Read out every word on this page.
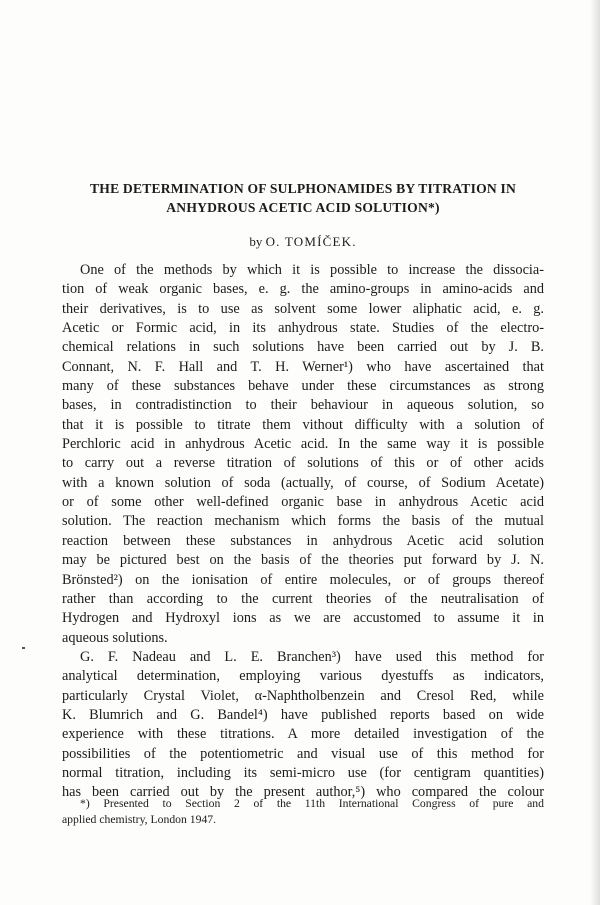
THE DETERMINATION OF SULPHONAMIDES BY TITRATION IN
ANHYDROUS ACETIC ACID SOLUTION*)

by O. TOMÍČEK.

One of the methods by which it is possible to increase the dissocia-
tion of weak organic bases, e. g. the amino-groups in amino-acids and
their derivatives, is to use as solvent some lower aliphatic acid, e. g.
Acetic or Formic acid, in its anhydrous state. Studies of the electro-
chemical relations in such solutions have been carried out by J. B.
Connant, N. F. Hall and T. H. Werner¹) who have ascertained that
many of these substances behave under these circumstances as strong
bases, in contradistinction to their behaviour in aqueous solution, so
that it is possible to titrate them vithout difficulty with a solution of
Perchloric acid in anhydrous Acetic acid. In the same way it is possible
to carry out a reverse titration of solutions of this or of other acids
with a known solution of soda (actually, of course, of Sodium Acetate)
or of some other well-defined organic base in anhydrous Acetic acid
solution. The reaction mechanism which forms the basis of the mutual
reaction between these substances in anhydrous Acetic acid solution
may be pictured best on the basis of the theories put forward by J. N.
Brönsted²) on the ionisation of entire molecules, or of groups thereof
rather than according to the current theories of the neutralisation of
Hydrogen and Hydroxyl ions as we are accustomed to assume it in
aqueous solutions.
G. F. Nadeau and L. E. Branchen³) have used this method for
analytical determination, employing various dyestuffs as indicators,
particularly Crystal Violet, α-Naphtholbenzein and Cresol Red, while
K. Blumrich and G. Bandel⁴) have published reports based on wide
experience with these titrations. A more detailed investigation of the
possibilities of the potentiometric and visual use of this method for
normal titration, including its semi-micro use (for centigram quantities)
has been carried out by the present author,⁵) who compared the colour
*) Presented to Section 2 of the 11th International Congress of pure and
applied chemistry, London 1947.
